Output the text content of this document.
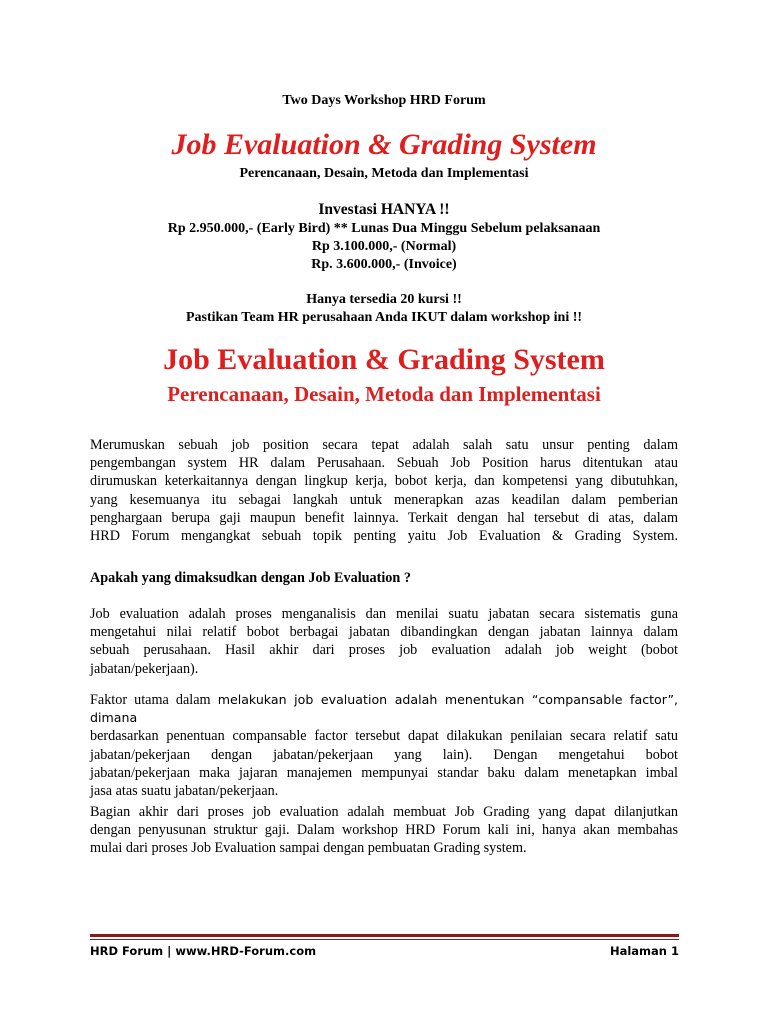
Two Days Workshop HRD Forum
Job Evaluation & Grading System
Perencanaan, Desain, Metoda dan Implementasi
Investasi HANYA !!
Rp 2.950.000,- (Early Bird) ** Lunas Dua Minggu Sebelum pelaksanaan
Rp 3.100.000,- (Normal)
Rp. 3.600.000,- (Invoice)
Hanya tersedia 20 kursi !!
Pastikan Team HR perusahaan Anda IKUT dalam workshop ini !!
Job Evaluation & Grading System
Perencanaan, Desain, Metoda dan Implementasi
Merumuskan sebuah job position secara tepat adalah salah satu unsur penting dalam
pengembangan system HR dalam Perusahaan. Sebuah Job Position harus ditentukan atau
dirumuskan keterkaitannya dengan lingkup kerja, bobot kerja, dan kompetensi yang dibutuhkan,
yang kesemuanya itu sebagai langkah untuk menerapkan azas keadilan dalam pemberian
penghargaan berupa gaji maupun benefit lainnya. Terkait dengan hal tersebut di atas, dalam
HRD Forum mengangkat sebuah topik penting yaitu Job Evaluation & Grading System.
Apakah yang dimaksudkan dengan Job Evaluation ?
Job evaluation adalah proses menganalisis dan menilai suatu jabatan secara sistematis guna
mengetahui nilai relatif bobot berbagai jabatan dibandingkan dengan jabatan lainnya dalam
sebuah perusahaan. Hasil akhir dari proses job evaluation adalah job weight (bobot
jabatan/pekerjaan).
Faktor utama dalam melakukan job evaluation adalah menentukan “compansable factor”, dimana
berdasarkan penentuan compansable factor tersebut dapat dilakukan penilaian secara relatif satu
jabatan/pekerjaan dengan jabatan/pekerjaan yang lain). Dengan mengetahui bobot
jabatan/pekerjaan maka jajaran manajemen mempunyai standar baku dalam menetapkan imbal
jasa atas suatu jabatan/pekerjaan.
Bagian akhir dari proses job evaluation adalah membuat Job Grading yang dapat dilanjutkan
dengan penyusunan struktur gaji. Dalam workshop HRD Forum kali ini, hanya akan membahas
mulai dari proses Job Evaluation sampai dengan pembuatan Grading system.
HRD Forum | www.HRD-Forum.com	Halaman 1
